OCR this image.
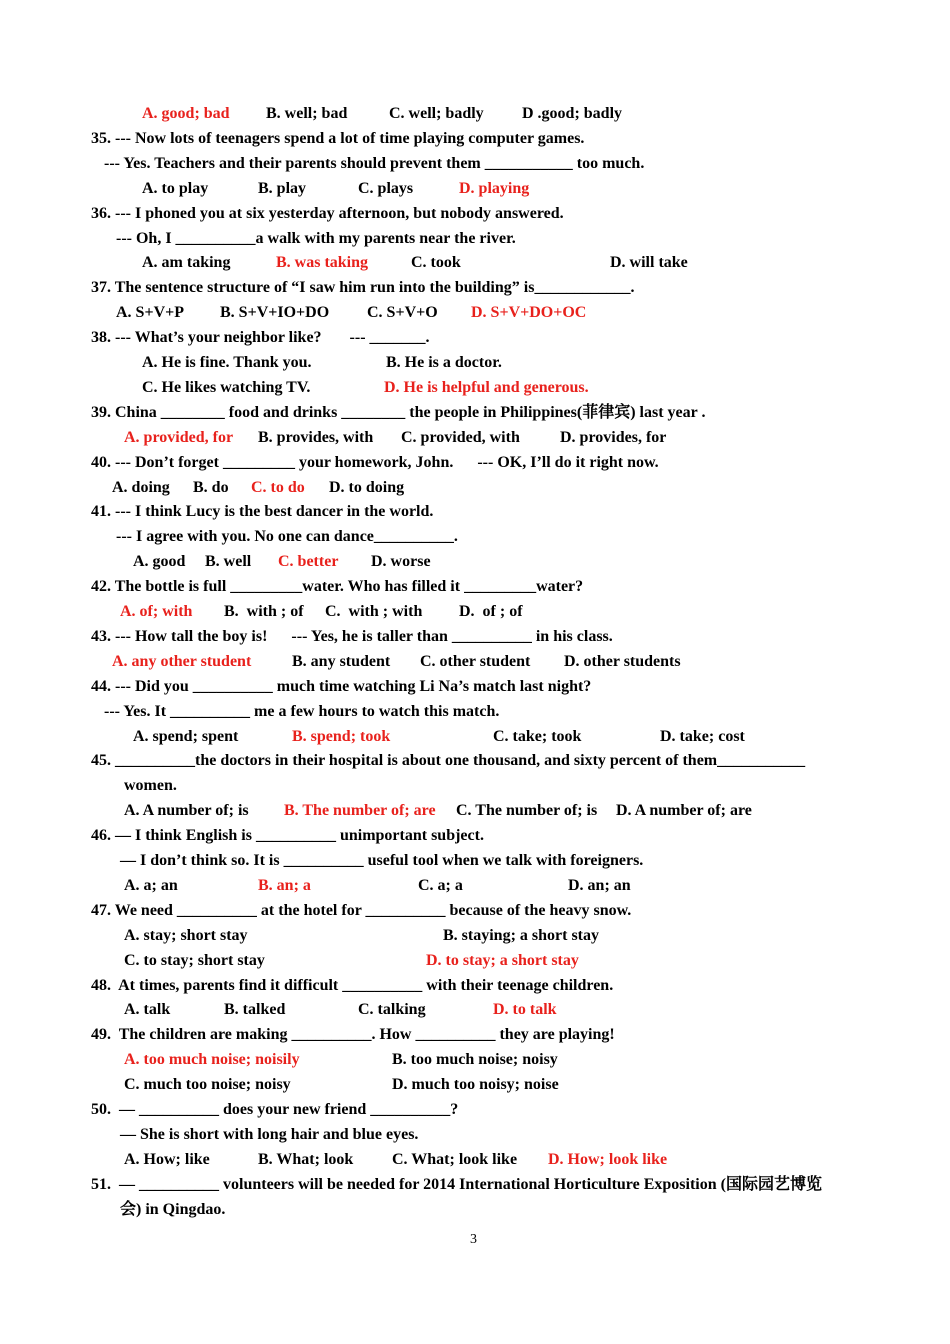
A. good; bad B. well; bad	C. well; badly D .good; badly
35. --- Now lots of teenagers spend a lot of time playing computer games.
--- Yes. Teachers and their parents should prevent them ___________ too much.
A. to play	B. play	C. plays	D. playing
36. --- I phoned you at six yesterday afternoon, but nobody answered.
--- Oh, I __________a walk with my parents near the river.
A. am taking	B. was taking	C. took	D. will take
37. The sentence structure of “I saw him run into the building” is____________.
A. S+V+P B. S+V+IO+DO C. S+V+O D. S+V+DO+OC
38. --- What’s your neighbor like?       --- _______.
A. He is fine. Thank you.	B. He is a doctor.
C. He likes watching TV.	D. He is helpful and generous.
39. China ________ food and drinks ________ the people in Philippines(菲律宾) last year .
A. provided, for B. provides, with C. provided, with	D. provides, for
40. --- Don’t forget _________ your homework, John.      --- OK, I’ll do it right now.
A. doing B. do C. to do D. to doing
41. --- I think Lucy is the best dancer in the world.
--- I agree with you. No one can dance__________.
A. good B. well C. better D. worse
42. The bottle is full _________water. Who has filled it _________water?
A. of; with B.  with ; of C.  with ; with D.  of ; of
43. --- How tall the boy is!      --- Yes, he is taller than __________ in his class.
A. any other student	B. any student C. other student D. other students
44. --- Did you __________ much time watching Li Na’s match last night?
--- Yes. It __________ me a few hours to watch this match.
A. spend; spent	B. spend; took	C. take; took	D. take; cost
45. __________the doctors in their hospital is about one thousand, and sixty percent of them___________
women.
A. A number of; is B. The number of; are C. The number of; is D. A number of; are
46. — I think English is __________ unimportant subject.
— I don’t think so. It is __________ useful tool when we talk with foreigners.
A. a; an	B. an; a	C. a; a	D. an; an
47. We need __________ at the hotel for __________ because of the heavy snow.
A. stay; short stay	B. staying; a short stay
C. to stay; short stay	D. to stay; a short stay
48.  At times, parents find it difficult __________ with their teenage children.
A. talk	B. talked	C. talking	D. to talk
49.  The children are making __________. How __________ they are playing!
A. too much noise; noisily	B. too much noise; noisy
C. much too noise; noisy	D. much too noisy; noise
50.  — __________ does your new friend __________?
— She is short with long hair and blue eyes.
A. How; like	B. What; look C. What; look like D. How; look like
51.  — __________ volunteers will be needed for 2014 International Horticulture Exposition (国际园艺博览
会) in Qingdao.
3
